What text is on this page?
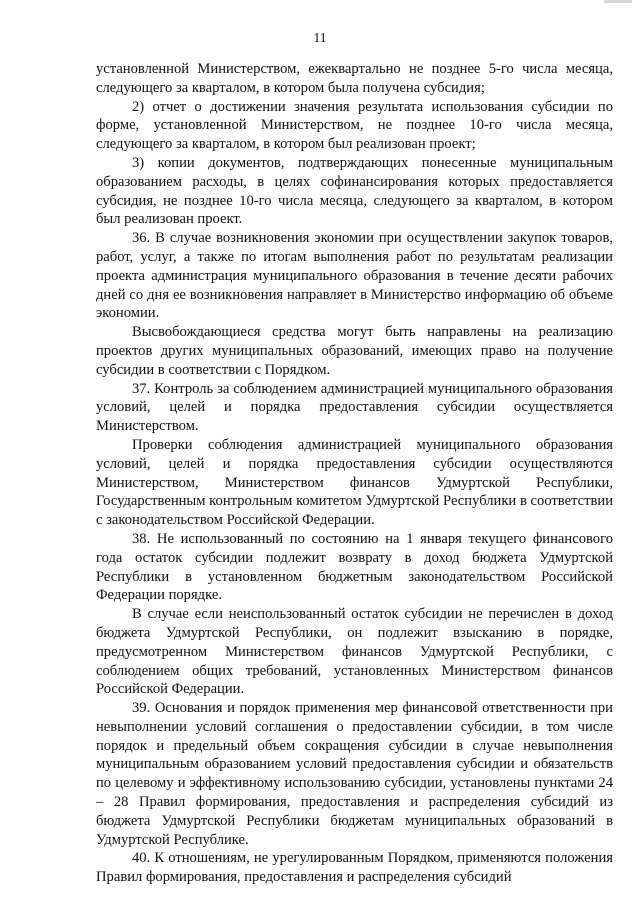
11

установленной Министерством, ежеквартально не позднее 5-го числа месяца, следующего за кварталом, в котором была получена субсидия;

2) отчет о достижении значения результата использования субсидии по форме, установленной Министерством, не позднее 10-го числа месяца, следующего за кварталом, в котором был реализован проект;

3) копии документов, подтверждающих понесенные муниципальным образованием расходы, в целях софинансирования которых предоставляется субсидия, не позднее 10-го числа месяца, следующего за кварталом, в котором был реализован проект.

36. В случае возникновения экономии при осуществлении закупок товаров, работ, услуг, а также по итогам выполнения работ по результатам реализации проекта администрация муниципального образования в течение десяти рабочих дней со дня ее возникновения направляет в Министерство информацию об объеме экономии.

Высвобождающиеся средства могут быть направлены на реализацию проектов других муниципальных образований, имеющих право на получение субсидии в соответствии с Порядком.

37. Контроль за соблюдением администрацией муниципального образования условий, целей и порядка предоставления субсидии осуществляется Министерством.

Проверки соблюдения администрацией муниципального образования условий, целей и порядка предоставления субсидии осуществляются Министерством, Министерством финансов Удмуртской Республики, Государственным контрольным комитетом Удмуртской Республики в соответствии с законодательством Российской Федерации.

38. Не использованный по состоянию на 1 января текущего финансового года остаток субсидии подлежит возврату в доход бюджета Удмуртской Республики в установленном бюджетным законодательством Российской Федерации порядке.

В случае если неиспользованный остаток субсидии не перечислен в доход бюджета Удмуртской Республики, он подлежит взысканию в порядке, предусмотренном Министерством финансов Удмуртской Республики, с соблюдением общих требований, установленных Министерством финансов Российской Федерации.

39. Основания и порядок применения мер финансовой ответственности при невыполнении условий соглашения о предоставлении субсидии, в том числе порядок и предельный объем сокращения субсидии в случае невыполнения муниципальным образованием условий предоставления субсидии и обязательств по целевому и эффективному использованию субсидии, установлены пунктами 24 – 28 Правил формирования, предоставления и распределения субсидий из бюджета Удмуртской Республики бюджетам муниципальных образований в Удмуртской Республике.

40. К отношениям, не урегулированным Порядком, применяются положения Правил формирования, предоставления и распределения субсидий
